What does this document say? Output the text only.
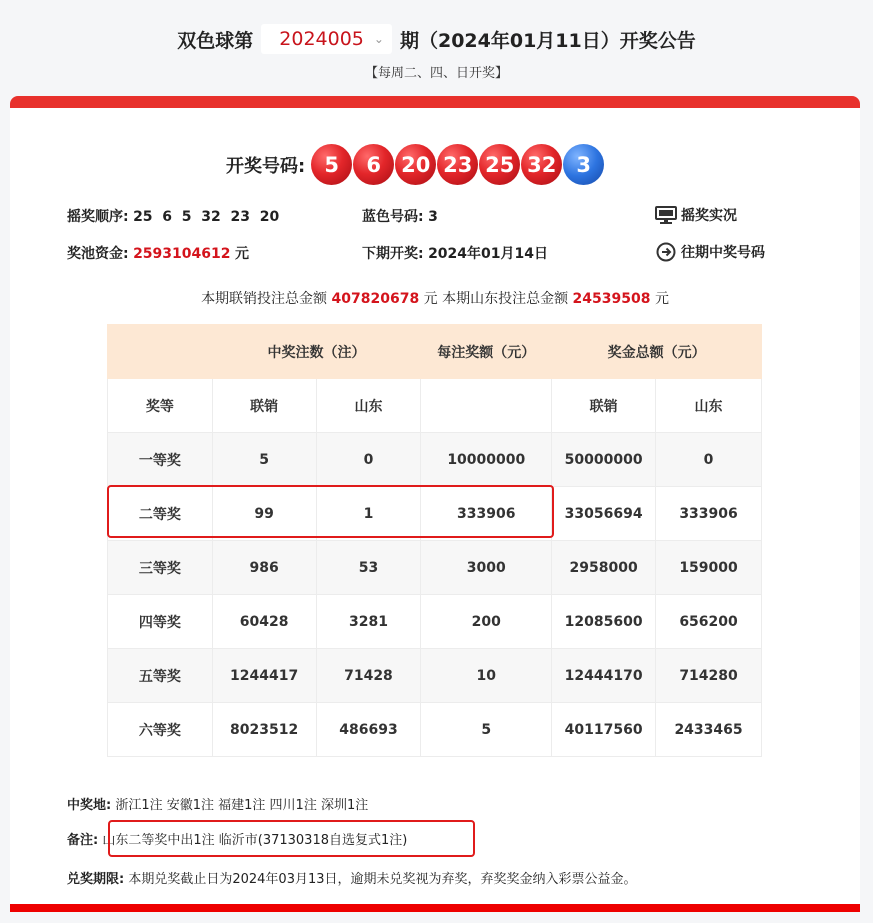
双色球第 2024005 ⌄ 期（2024年01月11日）开奖公告
【每周二、四、日开奖】
开奖号码: 5	6 20 23 25 32 3
摇奖顺序: 25  6  5  32  23  20	蓝色号码: 3	摇奖实况
奖池资金: 2593104612 元	下期开奖: 2024年01月14日	往期中奖号码
本期联销投注总金额 407820678 元 本期山东投注总金额 24539508 元
	中奖注数（注）		每注奖额（元）	奖金总额（元）	
奖等	联销	山东		联销	山东
一等奖	5	0	10000000	50000000	0
二等奖	99	1	333906	33056694	333906
三等奖	986	53	3000	2958000	159000
四等奖	60428	3281	200	12085600	656200
五等奖	1244417	71428	10	12444170	714280
六等奖	8023512	486693	5	40117560	2433465
中奖地: 浙江1注 安徽1注 福建1注 四川1注 深圳1注
备注: 山东二等奖中出1注 临沂市(37130318自选复式1注)
兑奖期限: 本期兑奖截止日为2024年03月13日，逾期未兑奖视为弃奖，弃奖奖金纳入彩票公益金。
